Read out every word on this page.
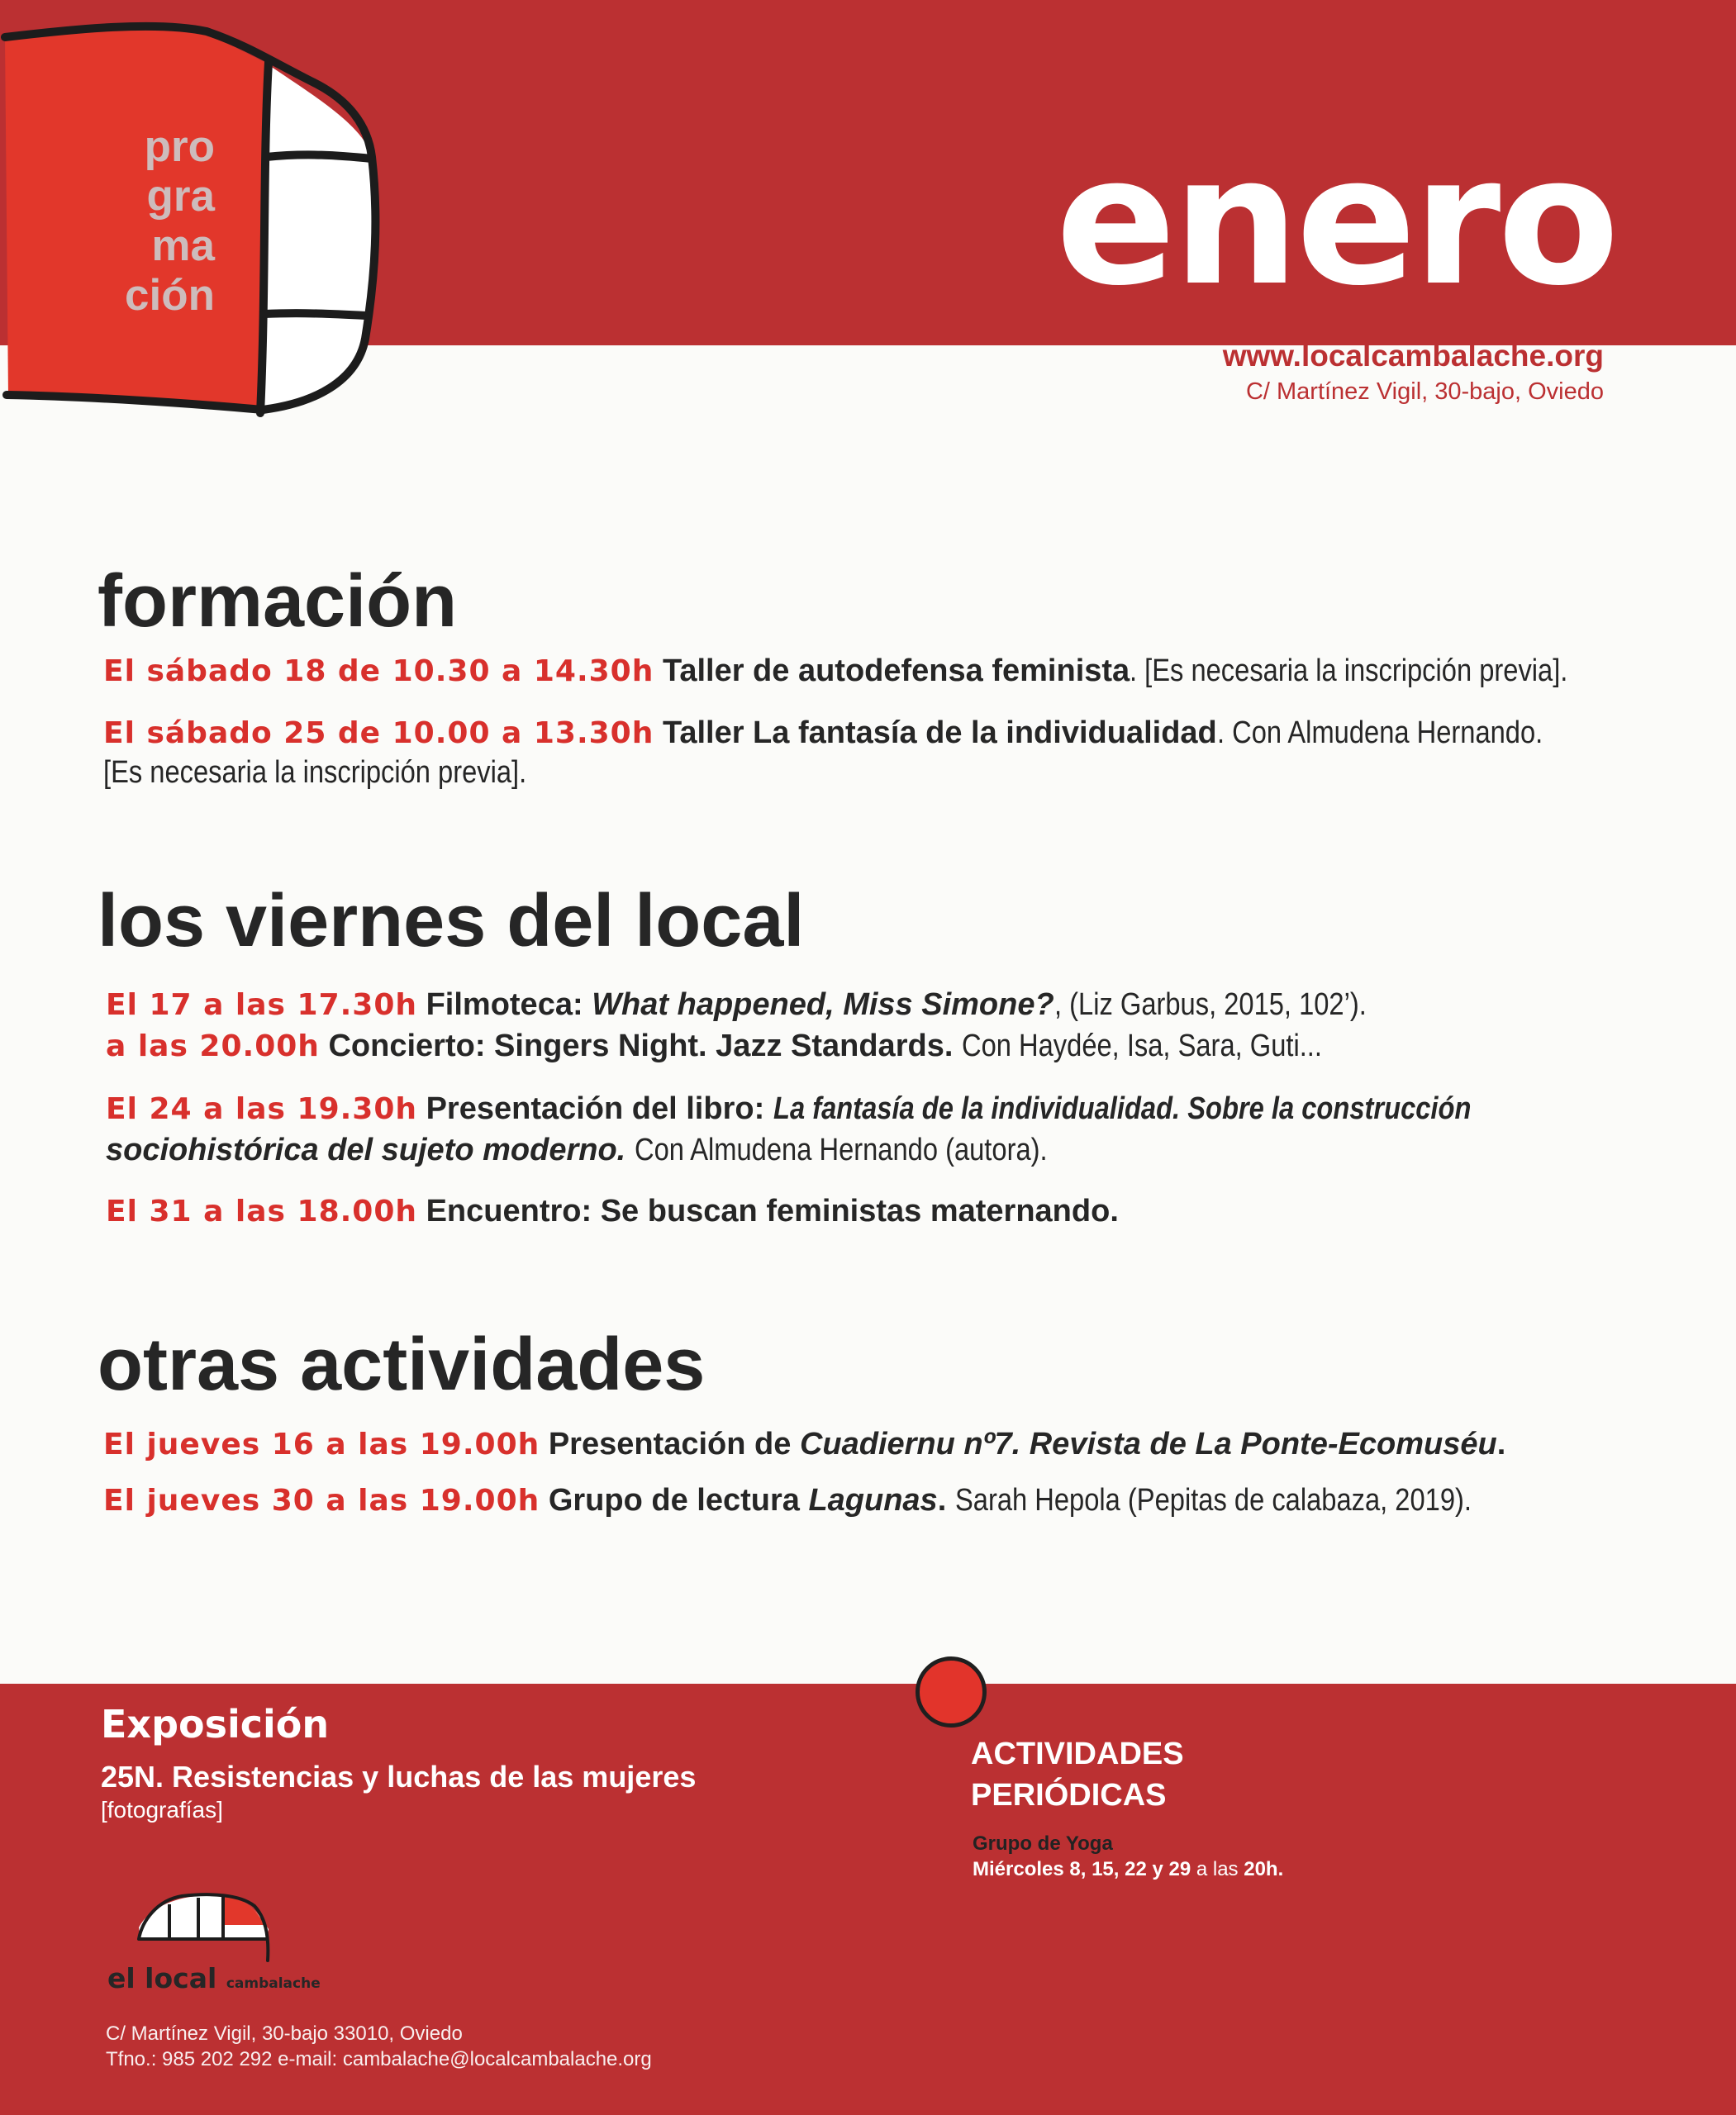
pro
gra
ma
ción	enero
www.localcambalache.org
C/ Martínez Vigil, 30-bajo, Oviedo
formación
El sábado 18 de 10.30 a 14.30h Taller de autodefensa feminista. [Es necesaria la inscripción previa].
El sábado 25 de 10.00 a 13.30h Taller La fantasía de la individualidad. Con Almudena Hernando.
[Es necesaria la inscripción previa].
los viernes del local
El 17 a las 17.30h Filmoteca: What happened, Miss Simone?, (Liz Garbus, 2015, 102’).
a las 20.00h Concierto: Singers Night. Jazz Standards. Con Haydée, Isa, Sara, Guti...
El 24 a las 19.30h Presentación del libro: La fantasía de la individualidad. Sobre la construcción
sociohistórica del sujeto moderno. Con Almudena Hernando (autora).
El 31 a las 18.00h Encuentro: Se buscan feministas maternando.
otras actividades
El jueves 16 a las 19.00h Presentación de Cuadiernu nº7. Revista de La Ponte-Ecomuséu.
El jueves 30 a las 19.00h Grupo de lectura Lagunas. Sarah Hepola (Pepitas de calabaza, 2019).
Exposición
25N. Resistencias y luchas de las mujeres
[fotografías]
ACTIVIDADES
PERIÓDICAS
Grupo de Yoga
Miércoles 8, 15, 22 y 29 a las 20h.
el local cambalache
C/ Martínez Vigil, 30-bajo 33010, Oviedo
Tfno.: 985 202 292 e-mail: cambalache@localcambalache.org
